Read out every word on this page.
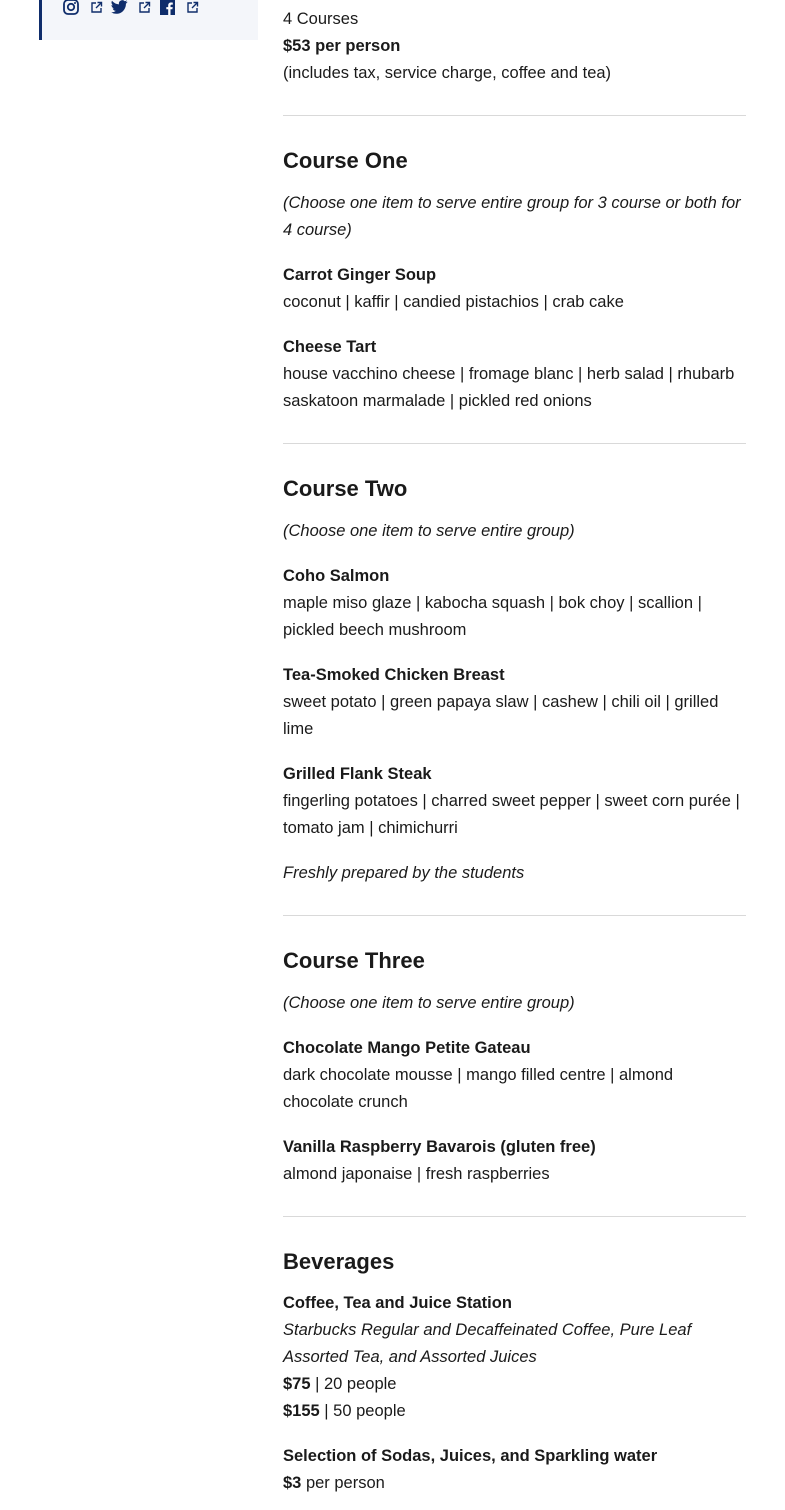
4 Courses

$53 per person

(includes tax, service charge, coffee and tea)

Course One

(Choose one item to serve entire group for 3 course or both for 4 course)

Carrot Ginger Soup

coconut | kaffir | candied pistachios | crab cake

Cheese Tart

house vacchino cheese | fromage blanc | herb salad | rhubarb saskatoon marmalade | pickled red onions

Course Two

(Choose one item to serve entire group)

Coho Salmon

maple miso glaze | kabocha squash | bok choy | scallion | pickled beech mushroom

Tea-Smoked Chicken Breast

sweet potato | green papaya slaw | cashew | chili oil | grilled lime

Grilled Flank Steak

fingerling potatoes | charred sweet pepper | sweet corn purée | tomato jam | chimichurri

Freshly prepared by the students

Course Three

(Choose one item to serve entire group)

Chocolate Mango Petite Gateau

dark chocolate mousse | mango filled centre | almond chocolate crunch

Vanilla Raspberry Bavarois (gluten free)

almond japonaise | fresh raspberries

Beverages

Coffee, Tea and Juice Station

Starbucks Regular and Decaffeinated Coffee, Pure Leaf Assorted Tea, and Assorted Juices

$75 | 20 people

$155 | 50 people

Selection of Sodas, Juices, and Sparkling water

$3 per person
